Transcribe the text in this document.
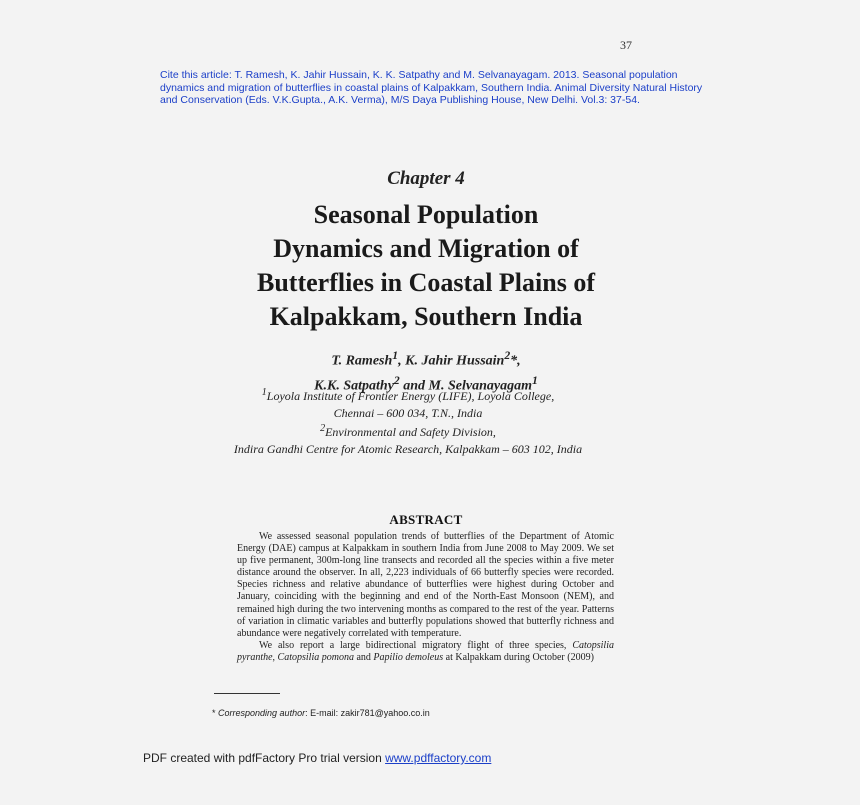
37
Cite this article: T. Ramesh, K. Jahir Hussain, K. K. Satpathy and M. Selvanayagam. 2013. Seasonal population dynamics and migration of butterflies in coastal plains of Kalpakkam, Southern India. Animal Diversity Natural History and Conservation (Eds. V.K.Gupta., A.K. Verma), M/S Daya Publishing House, New Delhi. Vol.3: 37-54.
Chapter 4
Seasonal Population
Dynamics and Migration of
Butterflies in Coastal Plains of
Kalpakkam, Southern India
T. Ramesh$^1$, K. Jahir Hussain$^2$*,
K.K. Satpathy$^2$ and M. Selvanayagam$^1$
$^1$Loyola Institute of Frontier Energy (LIFE), Loyola College,
Chennai – 600 034, T.N., India
$^2$Environmental and Safety Division,
Indira Gandhi Centre for Atomic Research, Kalpakkam – 603 102, India
ABSTRACT

We assessed seasonal population trends of butterflies of the Department of Atomic Energy (DAE) campus at Kalpakkam in southern India from June 2008 to May 2009. We set up five permanent, 300m-long line transects and recorded all the species within a five meter distance around the observer. In all, 2,223 individuals of 66 butterfly species were recorded. Species richness and relative abundance of butterflies were highest during October and January, coinciding with the beginning and end of the North-East Monsoon (NEM), and remained high during the two intervening months as compared to the rest of the year. Patterns of variation in climatic variables and butterfly populations showed that butterfly richness and abundance were negatively correlated with temperature.

We also report a large bidirectional migratory flight of three species, Catopsilia pyranthe, Catopsilia pomona and Papilio demoleus at Kalpakkam during October (2009)

* Corresponding author: E-mail: zakir781@yahoo.co.in
PDF created with pdfFactory Pro trial version www.pdffactory.com
